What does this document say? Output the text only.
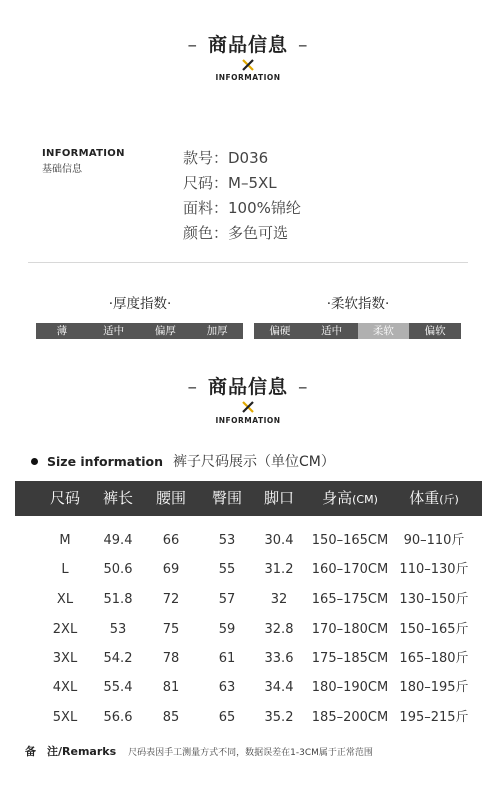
– 商品信息 –
INFORMATION
INFORMATION
基础信息
款号：D036
尺码：M–5XL
面料：100%锦纶
颜色：多色可选
·厚度指数·
薄	适中	偏厚	加厚
·柔软指数·
偏硬	适中	柔软	偏软
– 商品信息 –
INFORMATION
Size information 裤子尺码展示（单位CM）
尺码	裤长	腰围	臀围	脚口	身高(CM)	体重(斤)
M	49.4	66	53	30.4	150–165CM	90–110斤
L	50.6	69	55	31.2	160–170CM 110–130斤
XL	51.8	72	57	32	165–175CM 130–150斤
2XL	53	75	59	32.8	170–180CM 150–165斤
3XL	54.2	78	61	33.6	175–185CM 165–180斤
4XL	55.4	81	63	34.4	180–190CM 180–195斤
5XL	56.6	85	65	35.2	185–200CM 195–215斤
备　注/Remarks 尺码表因手工测量方式不同，数据误差在1-3CM属于正常范围
